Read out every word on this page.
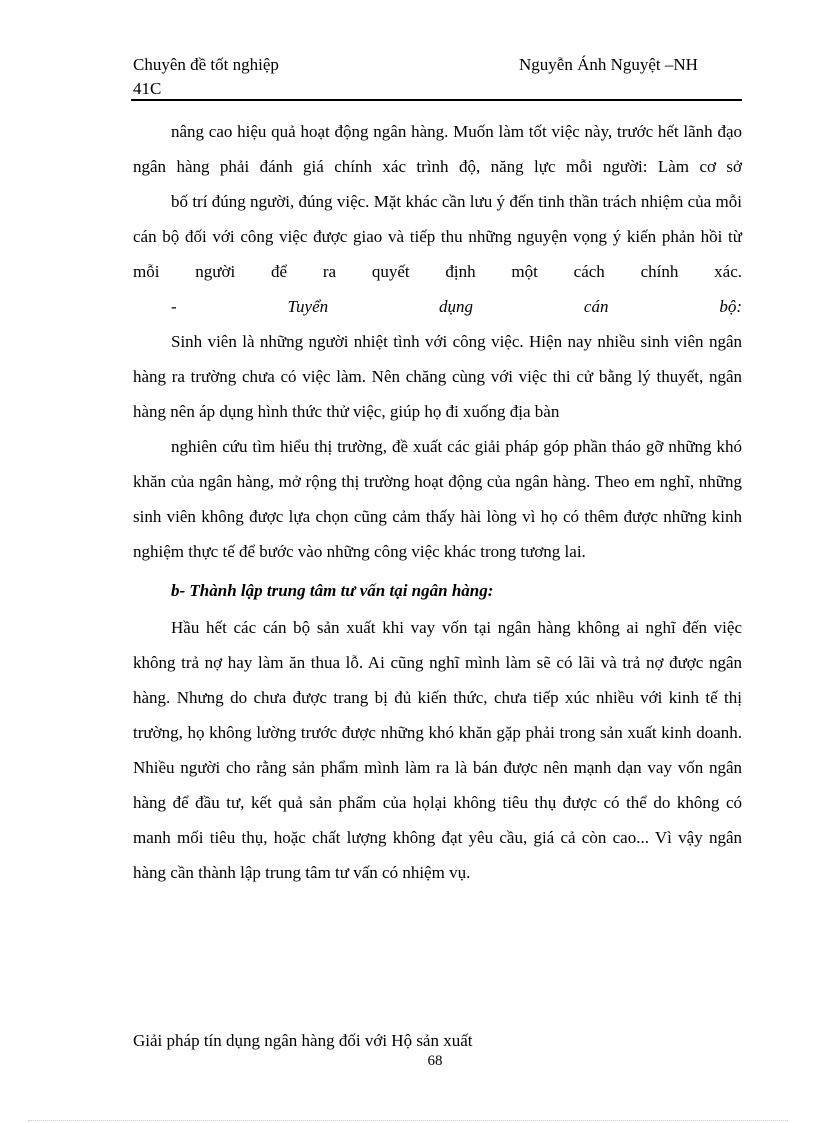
Chuyên đề tốt nghiệp	Nguyễn Ánh Nguyệt –NH
41C

nâng cao hiệu quả hoạt động ngân hàng. Muốn làm tốt việc này, trước hết lãnh đạo ngân hàng phải đánh giá chính xác trình độ, năng lực mỗi người: Làm cơ sở

bố trí đúng người, đúng việc. Mặt khác cần lưu ý đến tinh thần trách nhiệm của mỗi cán bộ đối với công việc được giao và tiếp thu những nguyện vọng ý kiến phản hồi từ mỗi người để ra quyết định một cách chính xác.

- Tuyển dụng cán bộ:

Sinh viên là những người nhiệt tình với công việc. Hiện nay nhiều sinh viên ngân hàng ra trường chưa có việc làm. Nên chăng cùng với việc thi cử bằng lý thuyết, ngân hàng nên áp dụng hình thức thử việc, giúp họ đi xuống địa bàn

nghiên cứu tìm hiểu thị trường, đề xuất các giải pháp góp phần tháo gỡ những khó khăn của ngân hàng, mở rộng thị trường hoạt động của ngân hàng. Theo em nghĩ, những sinh viên không được lựa chọn cũng cảm thấy hài lòng vì họ có thêm được những kinh nghiệm thực tế để bước vào những công việc khác trong tương lai.

b- Thành lập trung tâm tư vấn tại ngân hàng:

Hầu hết các cán bộ sản xuất khi vay vốn tại ngân hàng không ai nghĩ đến việc không trả nợ hay làm ăn thua lỗ. Ai cũng nghĩ mình làm sẽ có lãi và trả nợ được ngân hàng. Nhưng do chưa được trang bị đủ kiến thức, chưa tiếp xúc nhiều với kinh tế thị trường, họ không lường trước được những khó khăn gặp phải trong sản xuất kinh doanh. Nhiều người cho rằng sản phẩm mình làm ra là bán được nên mạnh dạn vay vốn ngân hàng để đầu tư, kết quả sản phẩm của họlại không tiêu thụ được có thể do không có manh mối tiêu thụ, hoặc chất lượng không đạt yêu cầu, giá cả còn cao... Vì vậy ngân hàng cần thành lập trung tâm tư vấn có nhiệm vụ.

Giải pháp tín dụng ngân hàng đối với Hộ sản xuất
68
